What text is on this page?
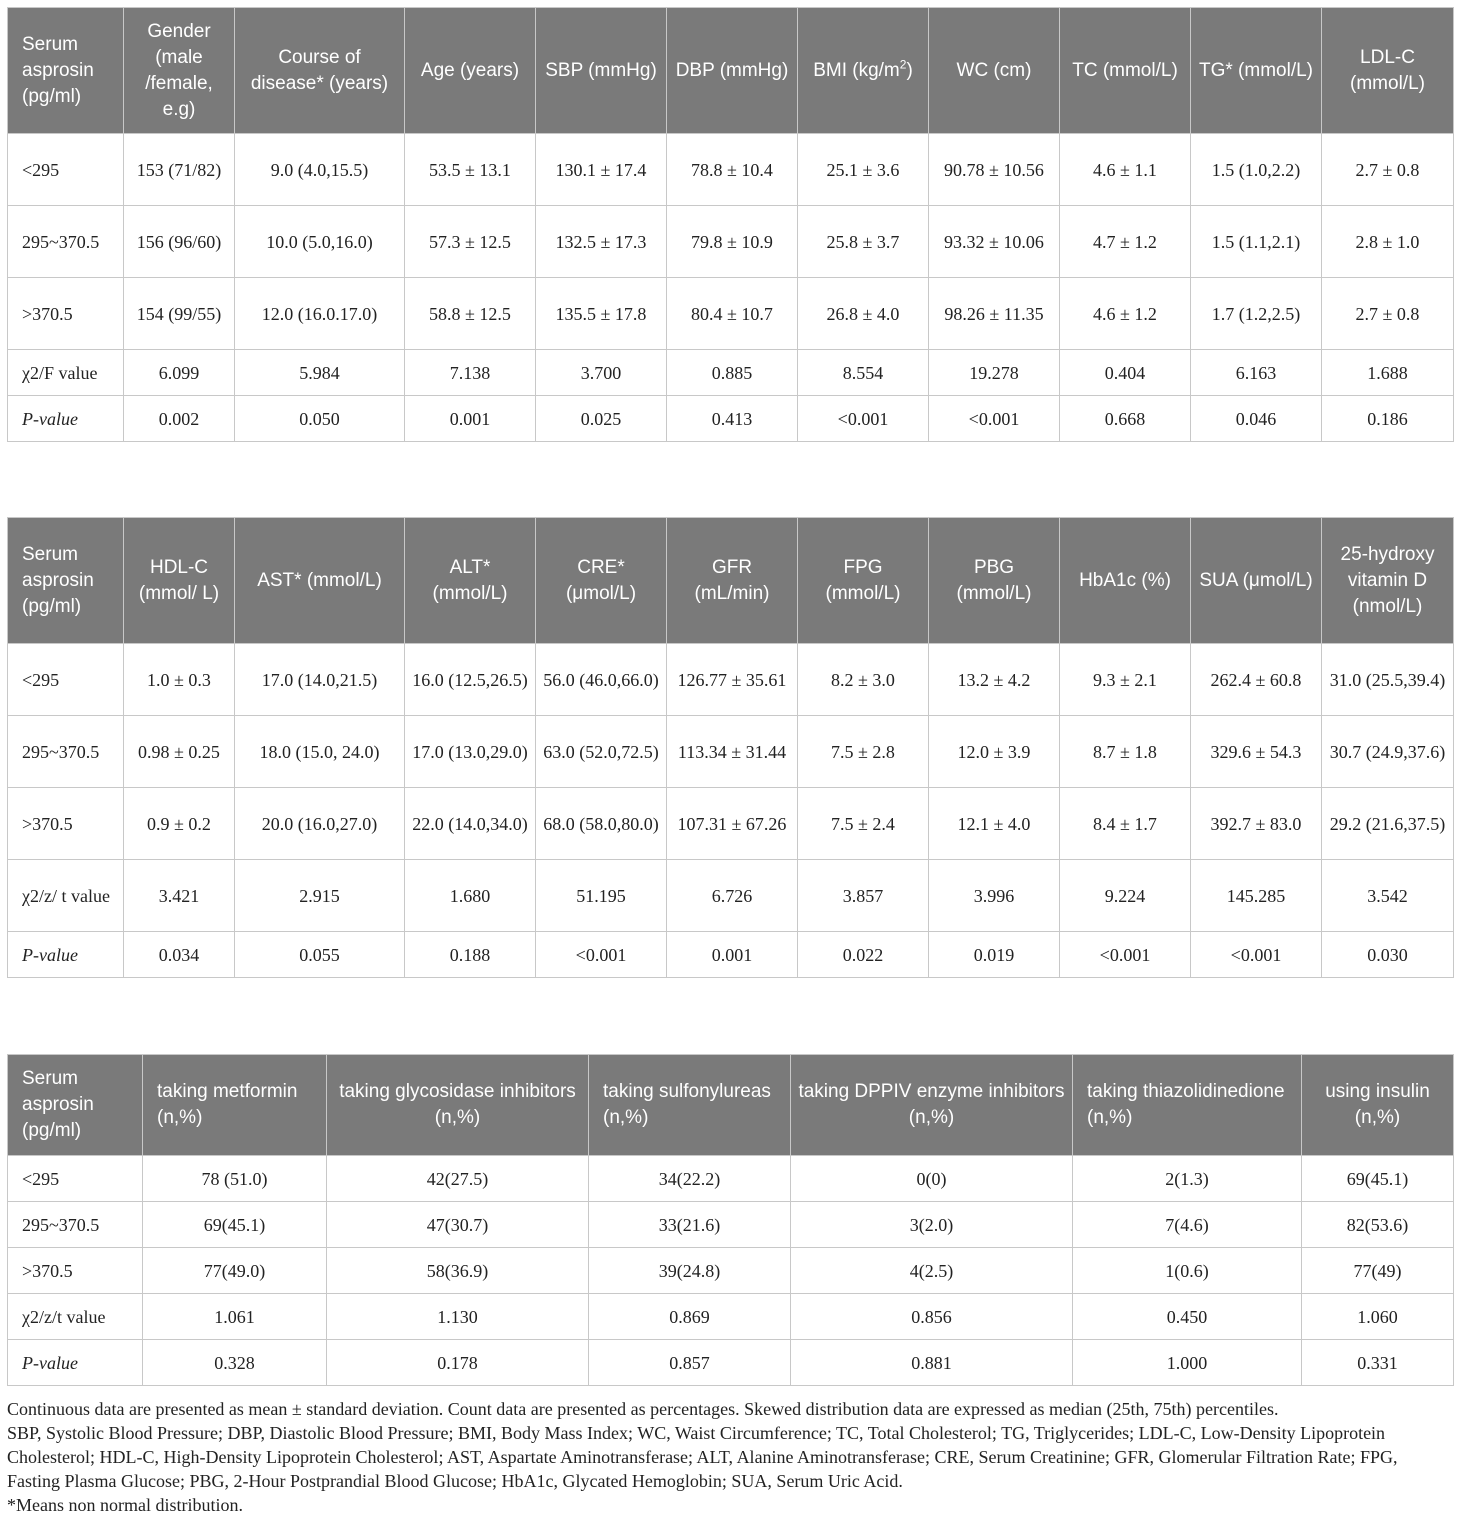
Serum asprosin (pg/ml)	Gender (male /female, e.g)	Course of disease* (years)	Age (years)	SBP (mmHg)	DBP (mmHg)	BMI $(kg/m^2)$	WC (cm)	TC (mmol/L)	TG* (mmol/L)	LDL-C (mmol/L)
<295	153 (71/82)	9.0 (4.0,15.5)	53.5 ± 13.1	130.1 ± 17.4	78.8 ± 10.4	25.1 ± 3.6	90.78 ± 10.56	4.6 ± 1.1	1.5 (1.0,2.2)	2.7 ± 0.8
295~370.5	156 (96/60)	10.0 (5.0,16.0)	57.3 ± 12.5	132.5 ± 17.3	79.8 ± 10.9	25.8 ± 3.7	93.32 ± 10.06	4.7 ± 1.2	1.5 (1.1,2.1)	2.8 ± 1.0
>370.5	154 (99/55)	12.0 (16.0.17.0)	58.8 ± 12.5	135.5 ± 17.8	80.4 ± 10.7	26.8 ± 4.0	98.26 ± 11.35	4.6 ± 1.2	1.7 (1.2,2.5)	2.7 ± 0.8
χ2/F value	6.099	5.984	7.138	3.700	0.885	8.554	19.278	0.404	6.163	1.688
P-value	0.002	0.050	0.001	0.025	0.413	<0.001	<0.001	0.668	0.046	0.186
Serum asprosin (pg/ml)	HDL-C (mmol/ L)	AST* (mmol/L)	ALT* (mmol/L)	CRE* (μmol/L)	GFR (mL/min)	FPG (mmol/L)	PBG (mmol/L)	HbA1c (%)	SUA (μmol/L)	25-hydroxy vitamin D (nmol/L)
<295	1.0 ± 0.3	17.0 (14.0,21.5)	16.0 (12.5,26.5)	56.0 (46.0,66.0)	126.77 ± 35.61	8.2 ± 3.0	13.2 ± 4.2	9.3 ± 2.1	262.4 ± 60.8	31.0 (25.5,39.4)
295~370.5	0.98 ± 0.25	18.0 (15.0, 24.0)	17.0 (13.0,29.0)	63.0 (52.0,72.5)	113.34 ± 31.44	7.5 ± 2.8	12.0 ± 3.9	8.7 ± 1.8	329.6 ± 54.3	30.7 (24.9,37.6)
>370.5	0.9 ± 0.2	20.0 (16.0,27.0)	22.0 (14.0,34.0)	68.0 (58.0,80.0)	107.31 ± 67.26	7.5 ± 2.4	12.1 ± 4.0	8.4 ± 1.7	392.7 ± 83.0	29.2 (21.6,37.5)
χ2/z/ t value	3.421	2.915	1.680	51.195	6.726	3.857	3.996	9.224	145.285	3.542
P-value	0.034	0.055	0.188	<0.001	0.001	0.022	0.019	<0.001	<0.001	0.030
Serum asprosin (pg/ml)	taking metformin (n,%)	taking glycosidase inhibitors (n,%)	taking sulfonylureas (n,%)	taking DPPIV enzyme inhibitors (n,%)	taking thiazolidinedione (n,%)	using insulin (n,%)
<295	78 (51.0)	42(27.5)	34(22.2)	0(0)	2(1.3)	69(45.1)
295~370.5	69(45.1)	47(30.7)	33(21.6)	3(2.0)	7(4.6)	82(53.6)
>370.5	77(49.0)	58(36.9)	39(24.8)	4(2.5)	1(0.6)	77(49)
χ2/z/t value	1.061	1.130	0.869	0.856	0.450	1.060
P-value	0.328	0.178	0.857	0.881	1.000	0.331

Continuous data are presented as mean ± standard deviation. Count data are presented as percentages. Skewed distribution data are expressed as median (25th, 75th) percentiles.

SBP, Systolic Blood Pressure; DBP, Diastolic Blood Pressure; BMI, Body Mass Index; WC, Waist Circumference; TC, Total Cholesterol; TG, Triglycerides; LDL-C, Low-Density Lipoprotein Cholesterol; HDL-C, High-Density Lipoprotein Cholesterol; AST, Aspartate Aminotransferase; ALT, Alanine Aminotransferase; CRE, Serum Creatinine; GFR, Glomerular Filtration Rate; FPG, Fasting Plasma Glucose; PBG, 2-Hour Postprandial Blood Glucose; HbA1c, Glycated Hemoglobin; SUA, Serum Uric Acid.

*Means non normal distribution.
